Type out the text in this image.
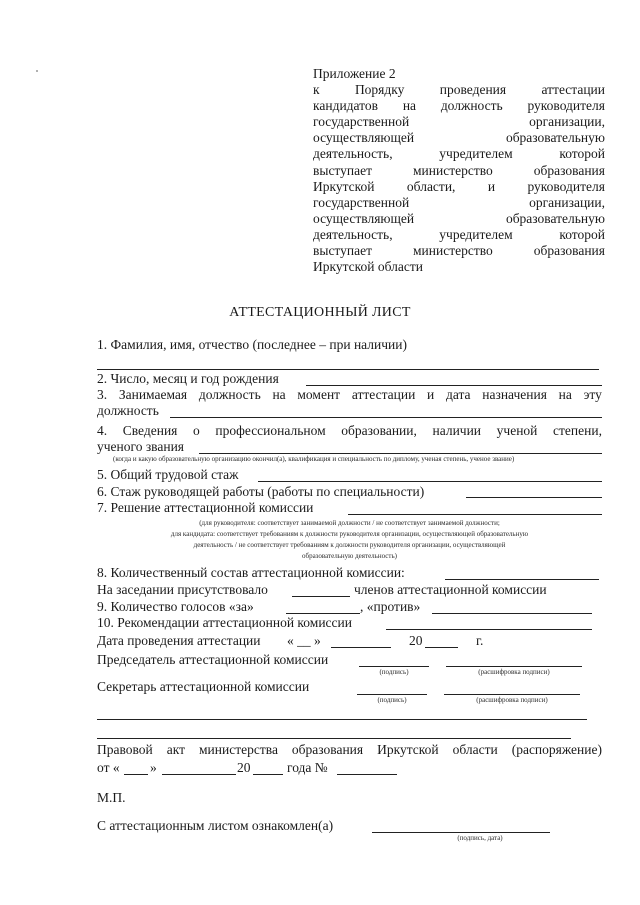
Приложение 2
к	Порядку	проведения	аттестации
кандидатов на должность руководителя
государственной	организации,
осуществляющей	образовательную
деятельность,	учредителем	которой
выступает	министерство	образования
Иркутской области, и руководителя
государственной	организации,
осуществляющей	образовательную
деятельность,	учредителем	которой
выступает	министерство	образования
Иркутской области
АТТЕСТАЦИОННЫЙ ЛИСТ
1. Фамилия, имя, отчество (последнее – при наличии)
2. Число, месяц и год рождения
3. Занимаемая должность на момент аттестации и дата назначения на эту
должность
4. Сведения о профессиональном образовании, наличии ученой степени,
ученого звания
(когда и какую образовательную организацию окончил(а), квалификация и специальность по диплому, ученая степень, ученое звание)
5. Общий трудовой стаж
6. Стаж руководящей работы (работы по специальности)
7. Решение аттестационной комиссии
(для руководителя: соответствует занимаемой должности / не соответствует занимаемой должности;
для кандидата: соответствует требованиям к должности руководителя организации, осуществляющей образовательную
деятельность / не соответствует требованиям к должности руководителя организации, осуществляющей
образовательную деятельность)
8. Количественный состав аттестационной комиссии:
На заседании присутствовало	членов аттестационной комиссии
9. Количество голосов «за»	, «против»
10. Рекомендации аттестационной комиссии
Дата проведения аттестации « __ »	20	г.
Председатель аттестационной комиссии
(подпись)	(расшифровка подписи)
Секретарь аттестационной комиссии
(подпись)	(расшифровка подписи)
Правовой акт министерства образования Иркутской области (распоряжение)
от « »	20	года №
М.П.
С аттестационным листом ознакомлен(а)
(подпись, дата)
